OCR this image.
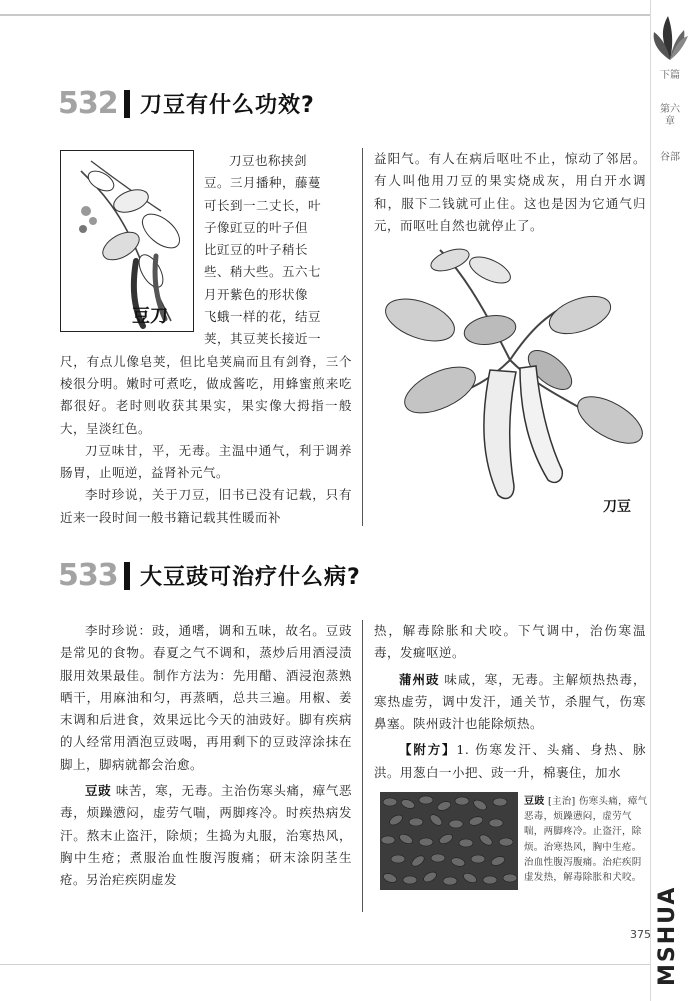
下篇
第六章
谷部
532 刀豆有什么功效?
豆刀
刀豆也称挟剑
豆。三月播种，藤蔓
可长到一二丈长，叶
子像豇豆的叶子但
比豇豆的叶子稍长
些、稍大些。五六七
月开紫色的形状像
飞蛾一样的花，结豆
荚，其豆荚长接近一

尺，有点儿像皂荚，但比皂荚扁而且有剑脊，三个棱很分明。嫩时可煮吃，做成酱吃，用蜂蜜煎来吃都很好。老时则收获其果实，果实像大拇指一般大，呈淡红色。

刀豆味甘，平，无毒。主温中通气，利于调养肠胃，止呃逆，益肾补元气。

李时珍说，关于刀豆，旧书已没有记载，只有近来一段时间一般书籍记载其性暖而补

益阳气。有人在病后呕吐不止，惊动了邻居。有人叫他用刀豆的果实烧成灰，用白开水调和，服下二钱就可止住。这也是因为它通气归元，而呕吐自然也就停止了。

刀豆
533 大豆豉可治疗什么病?

李时珍说：豉，通嗜，调和五味，故名。豆豉是常见的食物。春夏之气不调和，蒸炒后用酒浸渍服用效果最佳。制作方法为：先用醋、酒浸泡蒸熟晒干，用麻油和匀，再蒸晒，总共三遍。用椒、姜末调和后进食，效果远比今天的油豉好。脚有疾病的人经常用酒泡豆豉喝，再用剩下的豆豉滓涂抹在脚上，脚病就都会治愈。

豆豉 味苦，寒，无毒。主治伤寒头痛，瘴气恶毒，烦躁懑闷，虚劳气喘，两脚疼冷。时疾热病发汗。熬末止盗汗，除烦；生捣为丸服，治寒热风，胸中生疮；煮服治血性腹泻腹痛；研末涂阴茎生疮。另治疟疾阴虚发

热，解毒除胀和犬咬。下气调中，治伤寒温毒，发癍呕逆。

蒲州豉 味咸，寒，无毒。主解烦热热毒，寒热虚劳，调中发汗，通关节，杀腥气，伤寒鼻塞。陕州豉汁也能除烦热。

【附方】1. 伤寒发汗、头痛、身热、脉洪。用葱白一小把、豉一升，棉裹住，加水

豆豉 [主治] 伤寒头痛，瘴气恶毒，烦躁懑闷，虚劳气喘，两脚疼冷。止盗汗，除烦。治寒热风，胸中生疮。治血性腹泻腹痛。治疟疾阴虚发热，解毒除胀和犬咬。
375 MSHUA
